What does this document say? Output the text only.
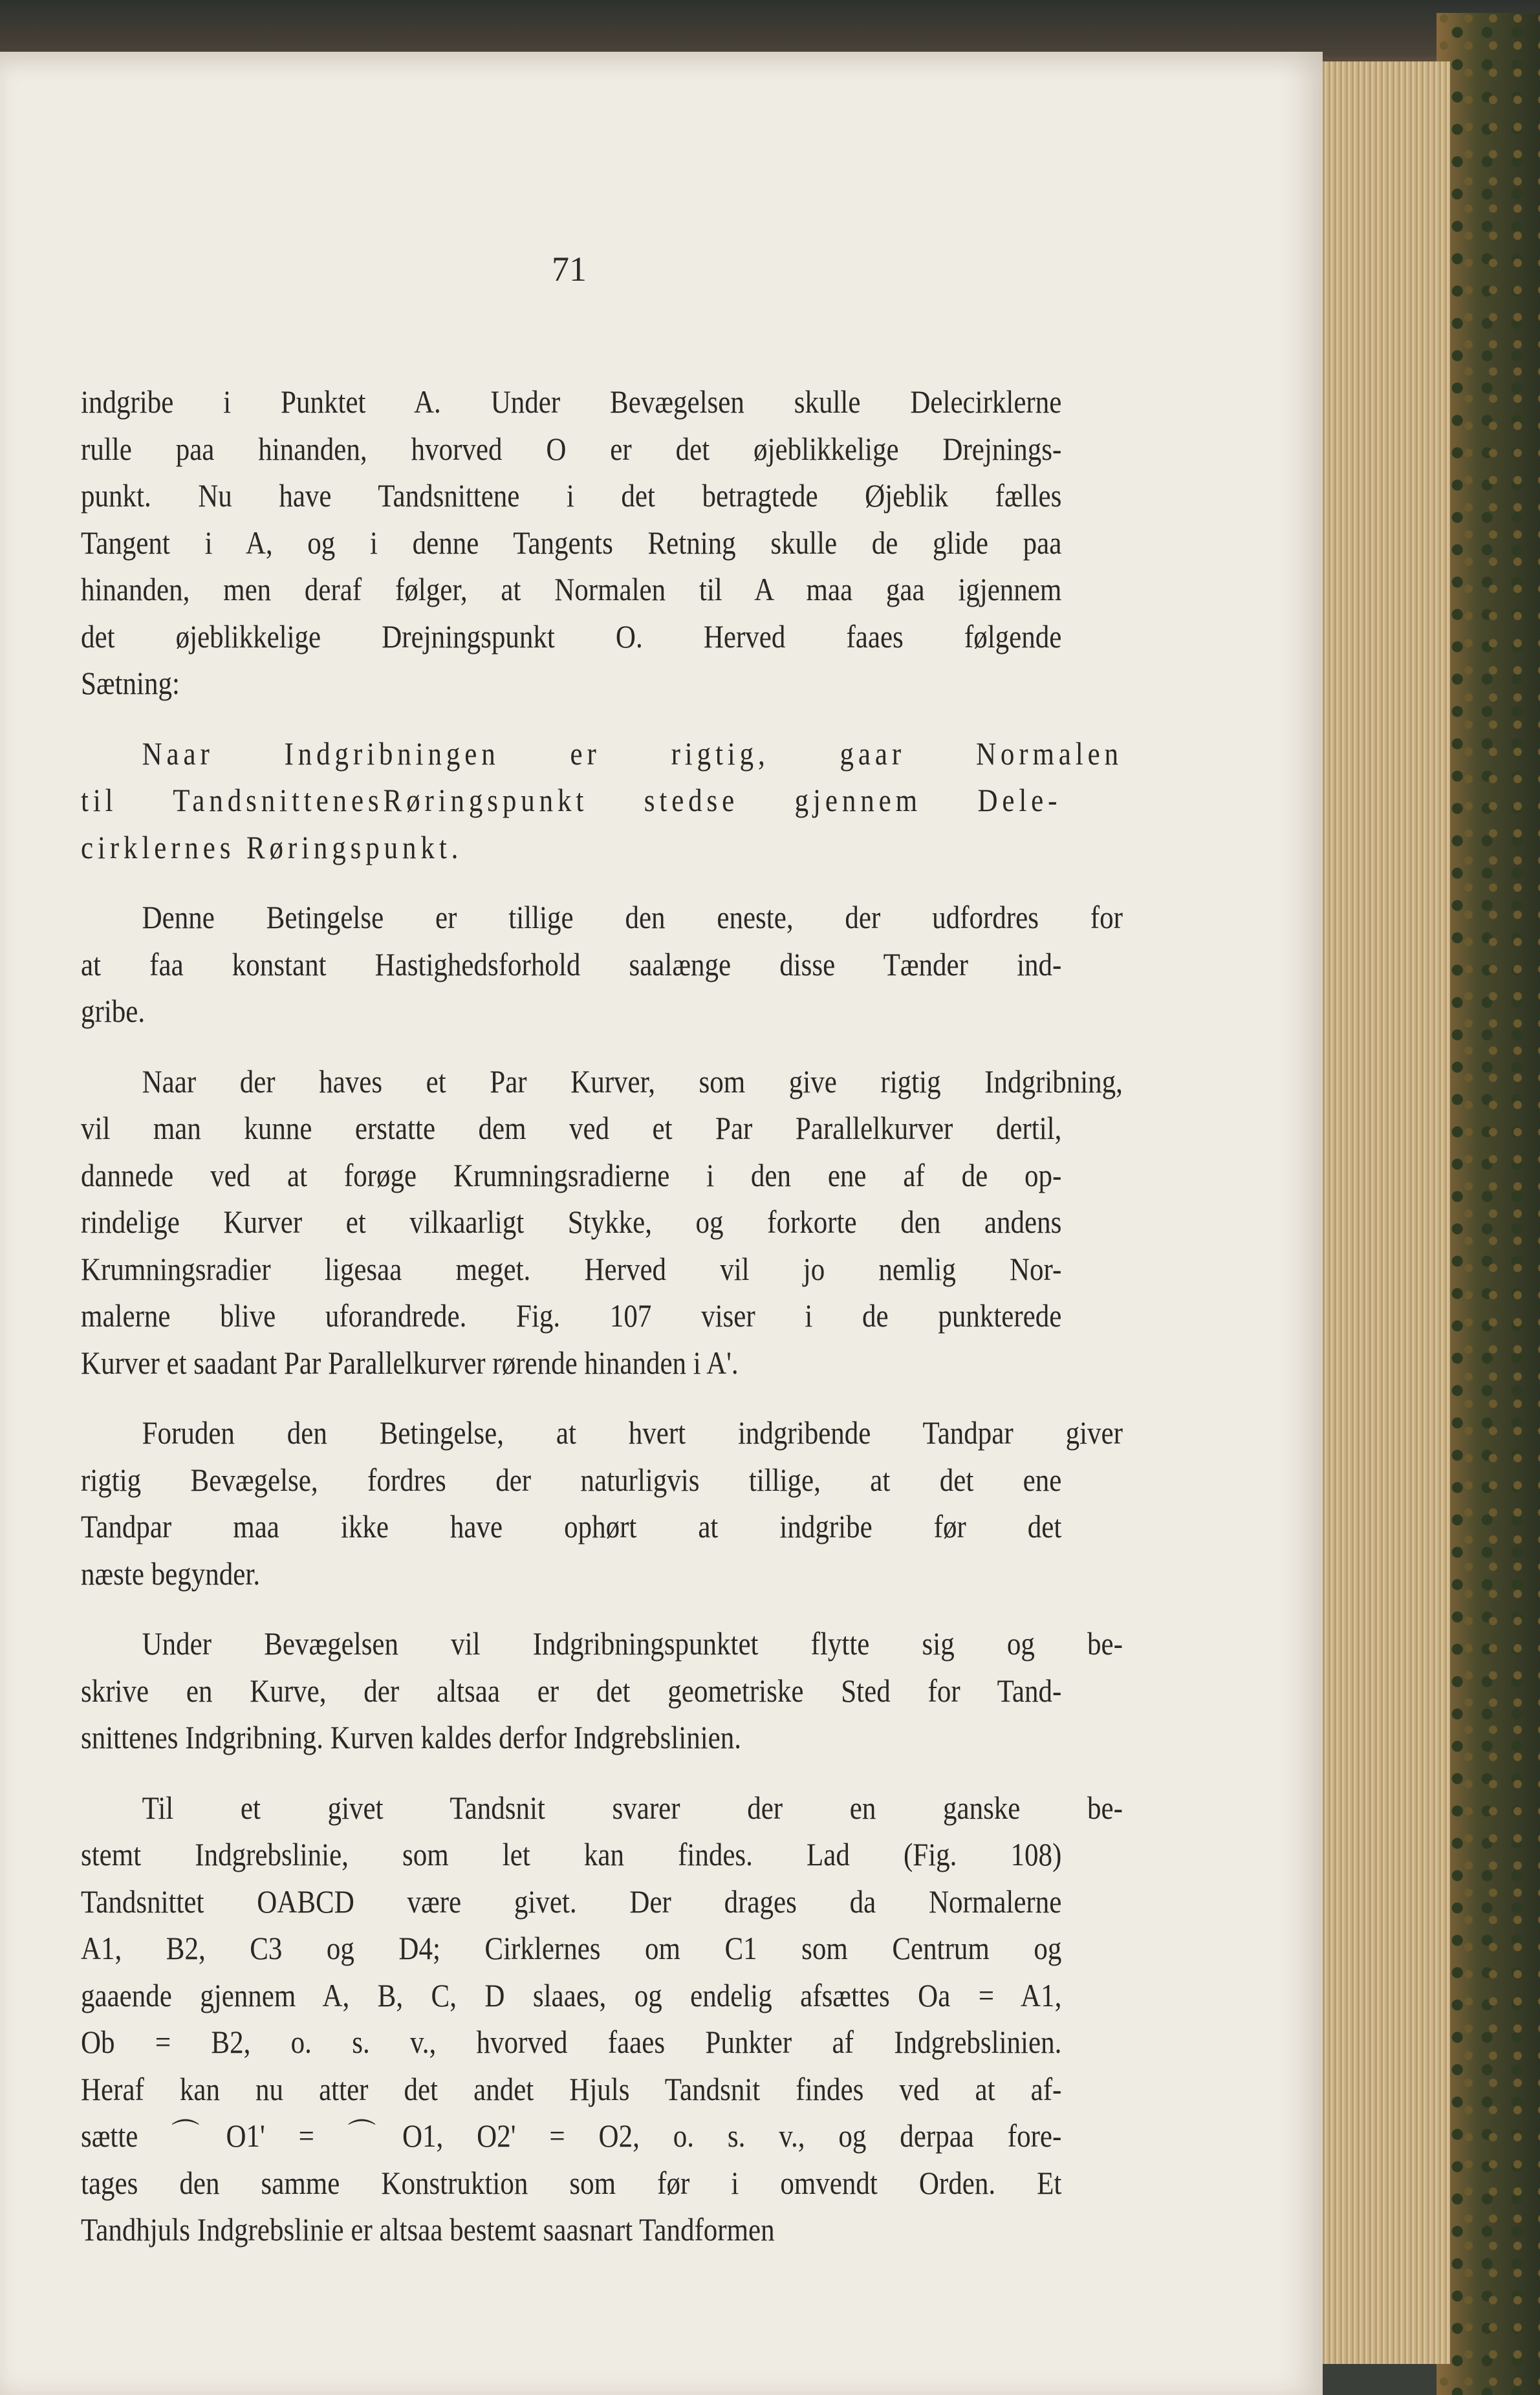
71
indgribe i Punktet A. Under Bevægelsen skulle Delecirklerne
rulle paa hinanden, hvorved O er det øjeblikkelige Drejnings-
punkt. Nu have Tandsnittene i det betragtede Øjeblik fælles
Tangent i A, og i denne Tangents Retning skulle de glide paa
hinanden, men deraf følger, at Normalen til A maa gaa igjennem
det øjeblikkelige Drejningspunkt O. Herved faaes følgende
Sætning:
Naar Indgribningen er rigtig, gaar Normalen
til TandsnittenesRøringspunkt stedse gjennem Dele-
cirklernes Røringspunkt.
Denne Betingelse er tillige den eneste, der udfordres for
at faa konstant Hastighedsforhold saalænge disse Tænder ind-
gribe.
Naar der haves et Par Kurver, som give rigtig Indgribning,
vil man kunne erstatte dem ved et Par Parallelkurver dertil,
dannede ved at forøge Krumningsradierne i den ene af de op-
rindelige Kurver et vilkaarligt Stykke, og forkorte den andens
Krumningsradier ligesaa meget. Herved vil jo nemlig Nor-
malerne blive uforandrede. Fig. 107 viser i de punkterede
Kurver et saadant Par Parallelkurver rørende hinanden i A'.
Foruden den Betingelse, at hvert indgribende Tandpar giver
rigtig Bevægelse, fordres der naturligvis tillige, at det ene
Tandpar maa ikke have ophørt at indgribe før det
næste begynder.
Under Bevægelsen vil Indgribningspunktet flytte sig og be-
skrive en Kurve, der altsaa er det geometriske Sted for Tand-
snittenes Indgribning. Kurven kaldes derfor Indgrebslinien.
Til et givet Tandsnit svarer der en ganske be-
stemt Indgrebslinie, som let kan findes. Lad (Fig. 108)
Tandsnittet OABCD være givet. Der drages da Normalerne
A1, B2, C3 og D4; Cirklernes om C1 som Centrum og
gaaende gjennem A, B, C, D slaaes, og endelig afsættes Oa = A1,
Ob = B2, o. s. v., hvorved faaes Punkter af Indgrebslinien.
Heraf kan nu atter det andet Hjuls Tandsnit findes ved at af-
sætte ⌒O1' = ⌒O1, O2' = O2, o. s. v., og derpaa fore-
tages den samme Konstruktion som før i omvendt Orden. Et
Tandhjuls Indgrebslinie er altsaa bestemt saasnart Tandformen
